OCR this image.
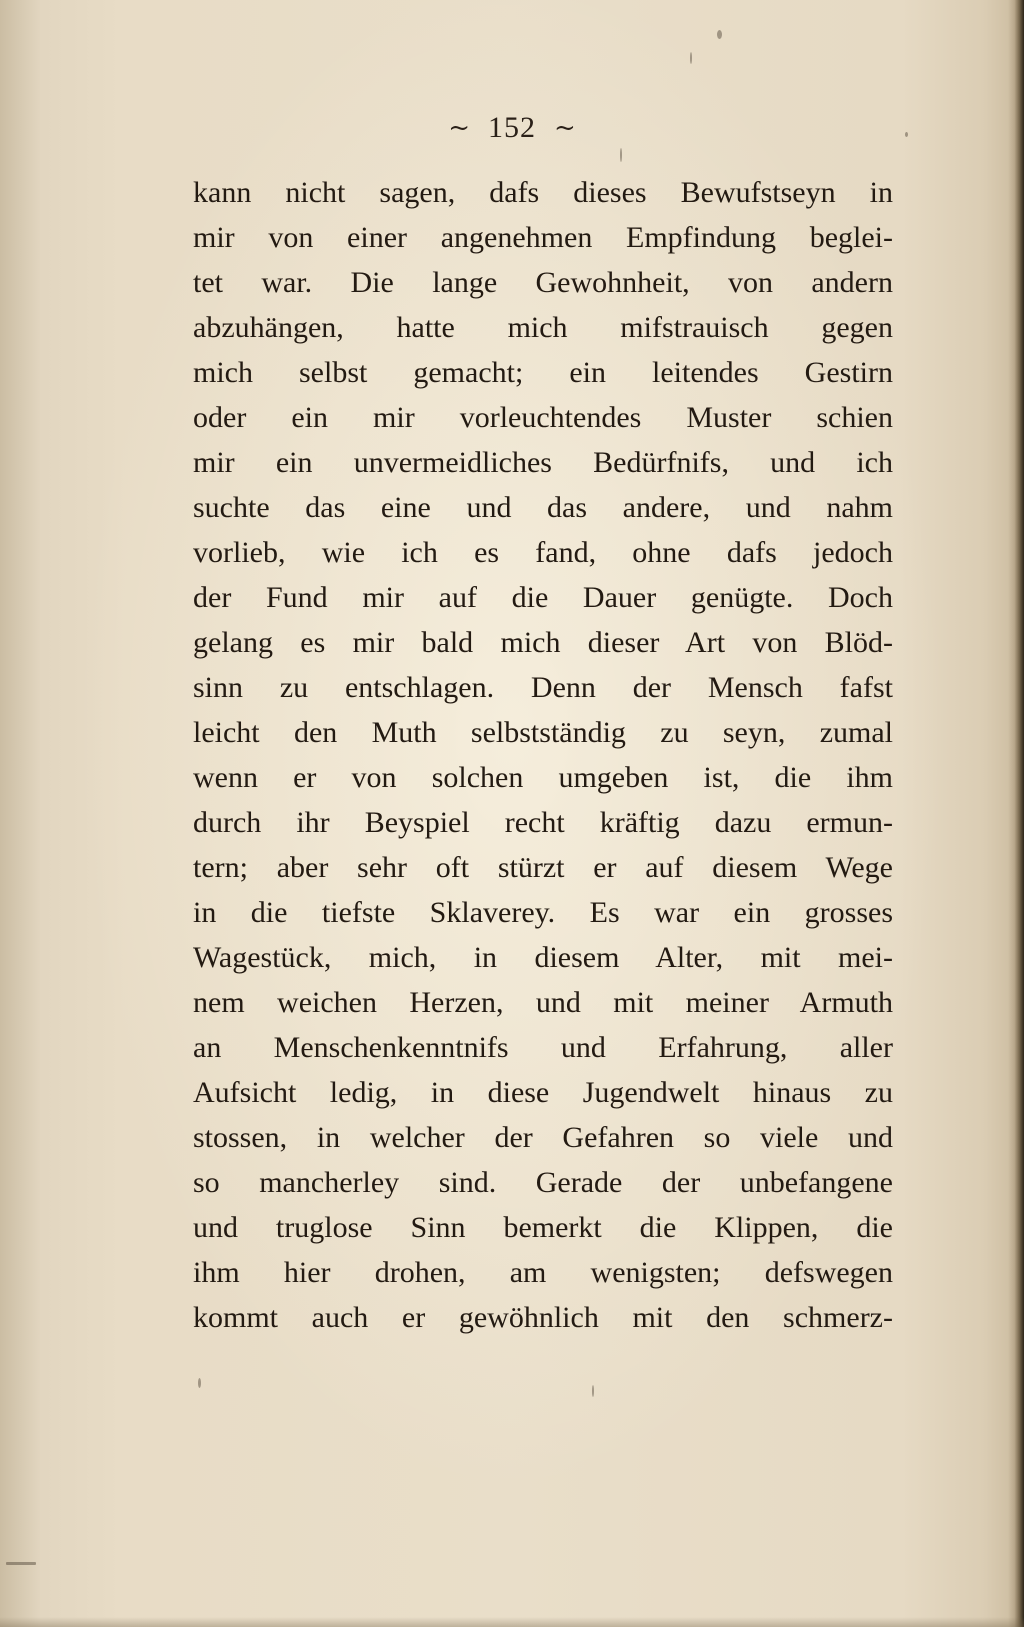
~ 152 ~
kann nicht sagen, dafs dieses Bewufstseyn in
mir von einer angenehmen Empfindung beglei-
tet war. Die lange Gewohnheit, von andern
abzuhängen, hatte mich mifstrauisch gegen
mich selbst gemacht; ein leitendes Gestirn
oder ein mir vorleuchtendes Muster schien
mir ein unvermeidliches Bedürfnifs, und ich
suchte das eine und das andere, und nahm
vorlieb, wie ich es fand, ohne dafs jedoch
der Fund mir auf die Dauer genügte. Doch
gelang es mir bald mich dieser Art von Blöd-
sinn zu entschlagen. Denn der Mensch fafst
leicht den Muth selbstständig zu seyn, zumal
wenn er von solchen umgeben ist, die ihm
durch ihr Beyspiel recht kräftig dazu ermun-
tern; aber sehr oft stürzt er auf diesem Wege
in die tiefste Sklaverey. Es war ein grosses
Wagestück, mich, in diesem Alter, mit mei-
nem weichen Herzen, und mit meiner Armuth
an Menschenkenntnifs und Erfahrung, aller
Aufsicht ledig, in diese Jugendwelt hinaus zu
stossen, in welcher der Gefahren so viele und
so mancherley sind. Gerade der unbefangene
und truglose Sinn bemerkt die Klippen, die
ihm hier drohen, am wenigsten; defswegen
kommt auch er gewöhnlich mit den schmerz-
